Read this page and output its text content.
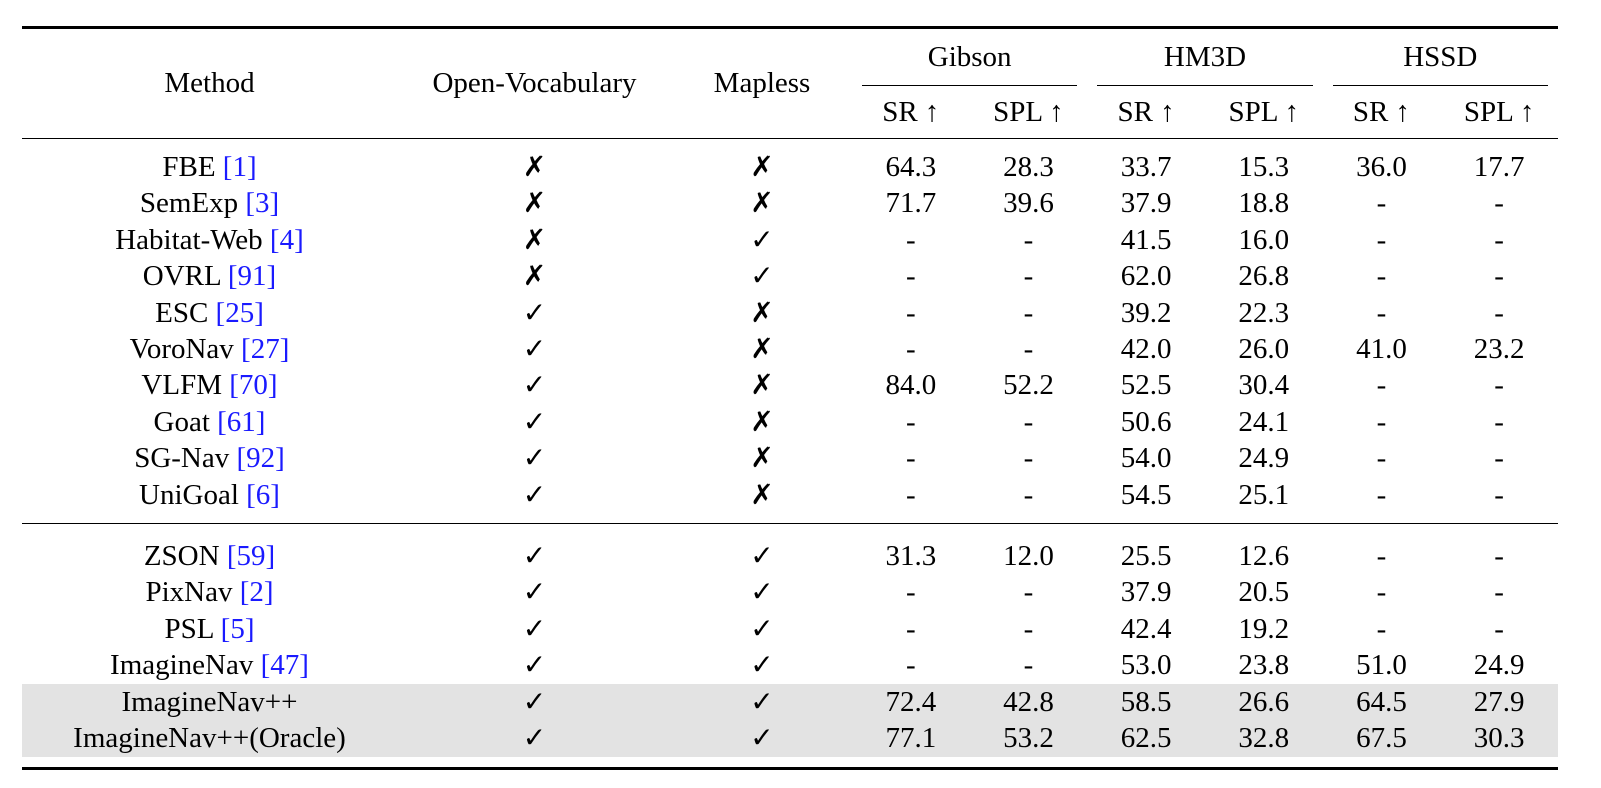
Method	Open-Vocabulary	Mapless	Gibson		HM3D		HSSD	

			SR ↑	SPL ↑	SR ↑	SPL ↑	SR ↑	SPL ↑

FBE [1]	✗	✗	64.3	28.3	33.7	15.3	36.0	17.7
SemExp [3]	✗	✗	71.7	39.6	37.9	18.8	-	-
Habitat-Web [4]	✗	✓	-	-	41.5	16.0	-	-
OVRL [91]	✗	✓	-	-	62.0	26.8	-	-
ESC [25]	✓	✗	-	-	39.2	22.3	-	-
VoroNav [27]	✓	✗	-	-	42.0	26.0	41.0	23.2
VLFM [70]	✓	✗	84.0	52.2	52.5	30.4	-	-
Goat [61]	✓	✗	-	-	50.6	24.1	-	-
SG-Nav [92]	✓	✗	-	-	54.0	24.9	-	-
UniGoal [6]	✓	✗	-	-	54.5	25.1	-	-

ZSON [59]	✓	✓	31.3	12.0	25.5	12.6	-	-
PixNav [2]	✓	✓	-	-	37.9	20.5	-	-
PSL [5]	✓	✓	-	-	42.4	19.2	-	-
ImagineNav [47]	✓	✓	-	-	53.0	23.8	51.0	24.9
ImagineNav++	✓	✓	72.4	42.8	58.5	26.6	64.5	27.9
ImagineNav++(Oracle)	✓	✓	77.1	53.2	62.5	32.8	67.5	30.3
